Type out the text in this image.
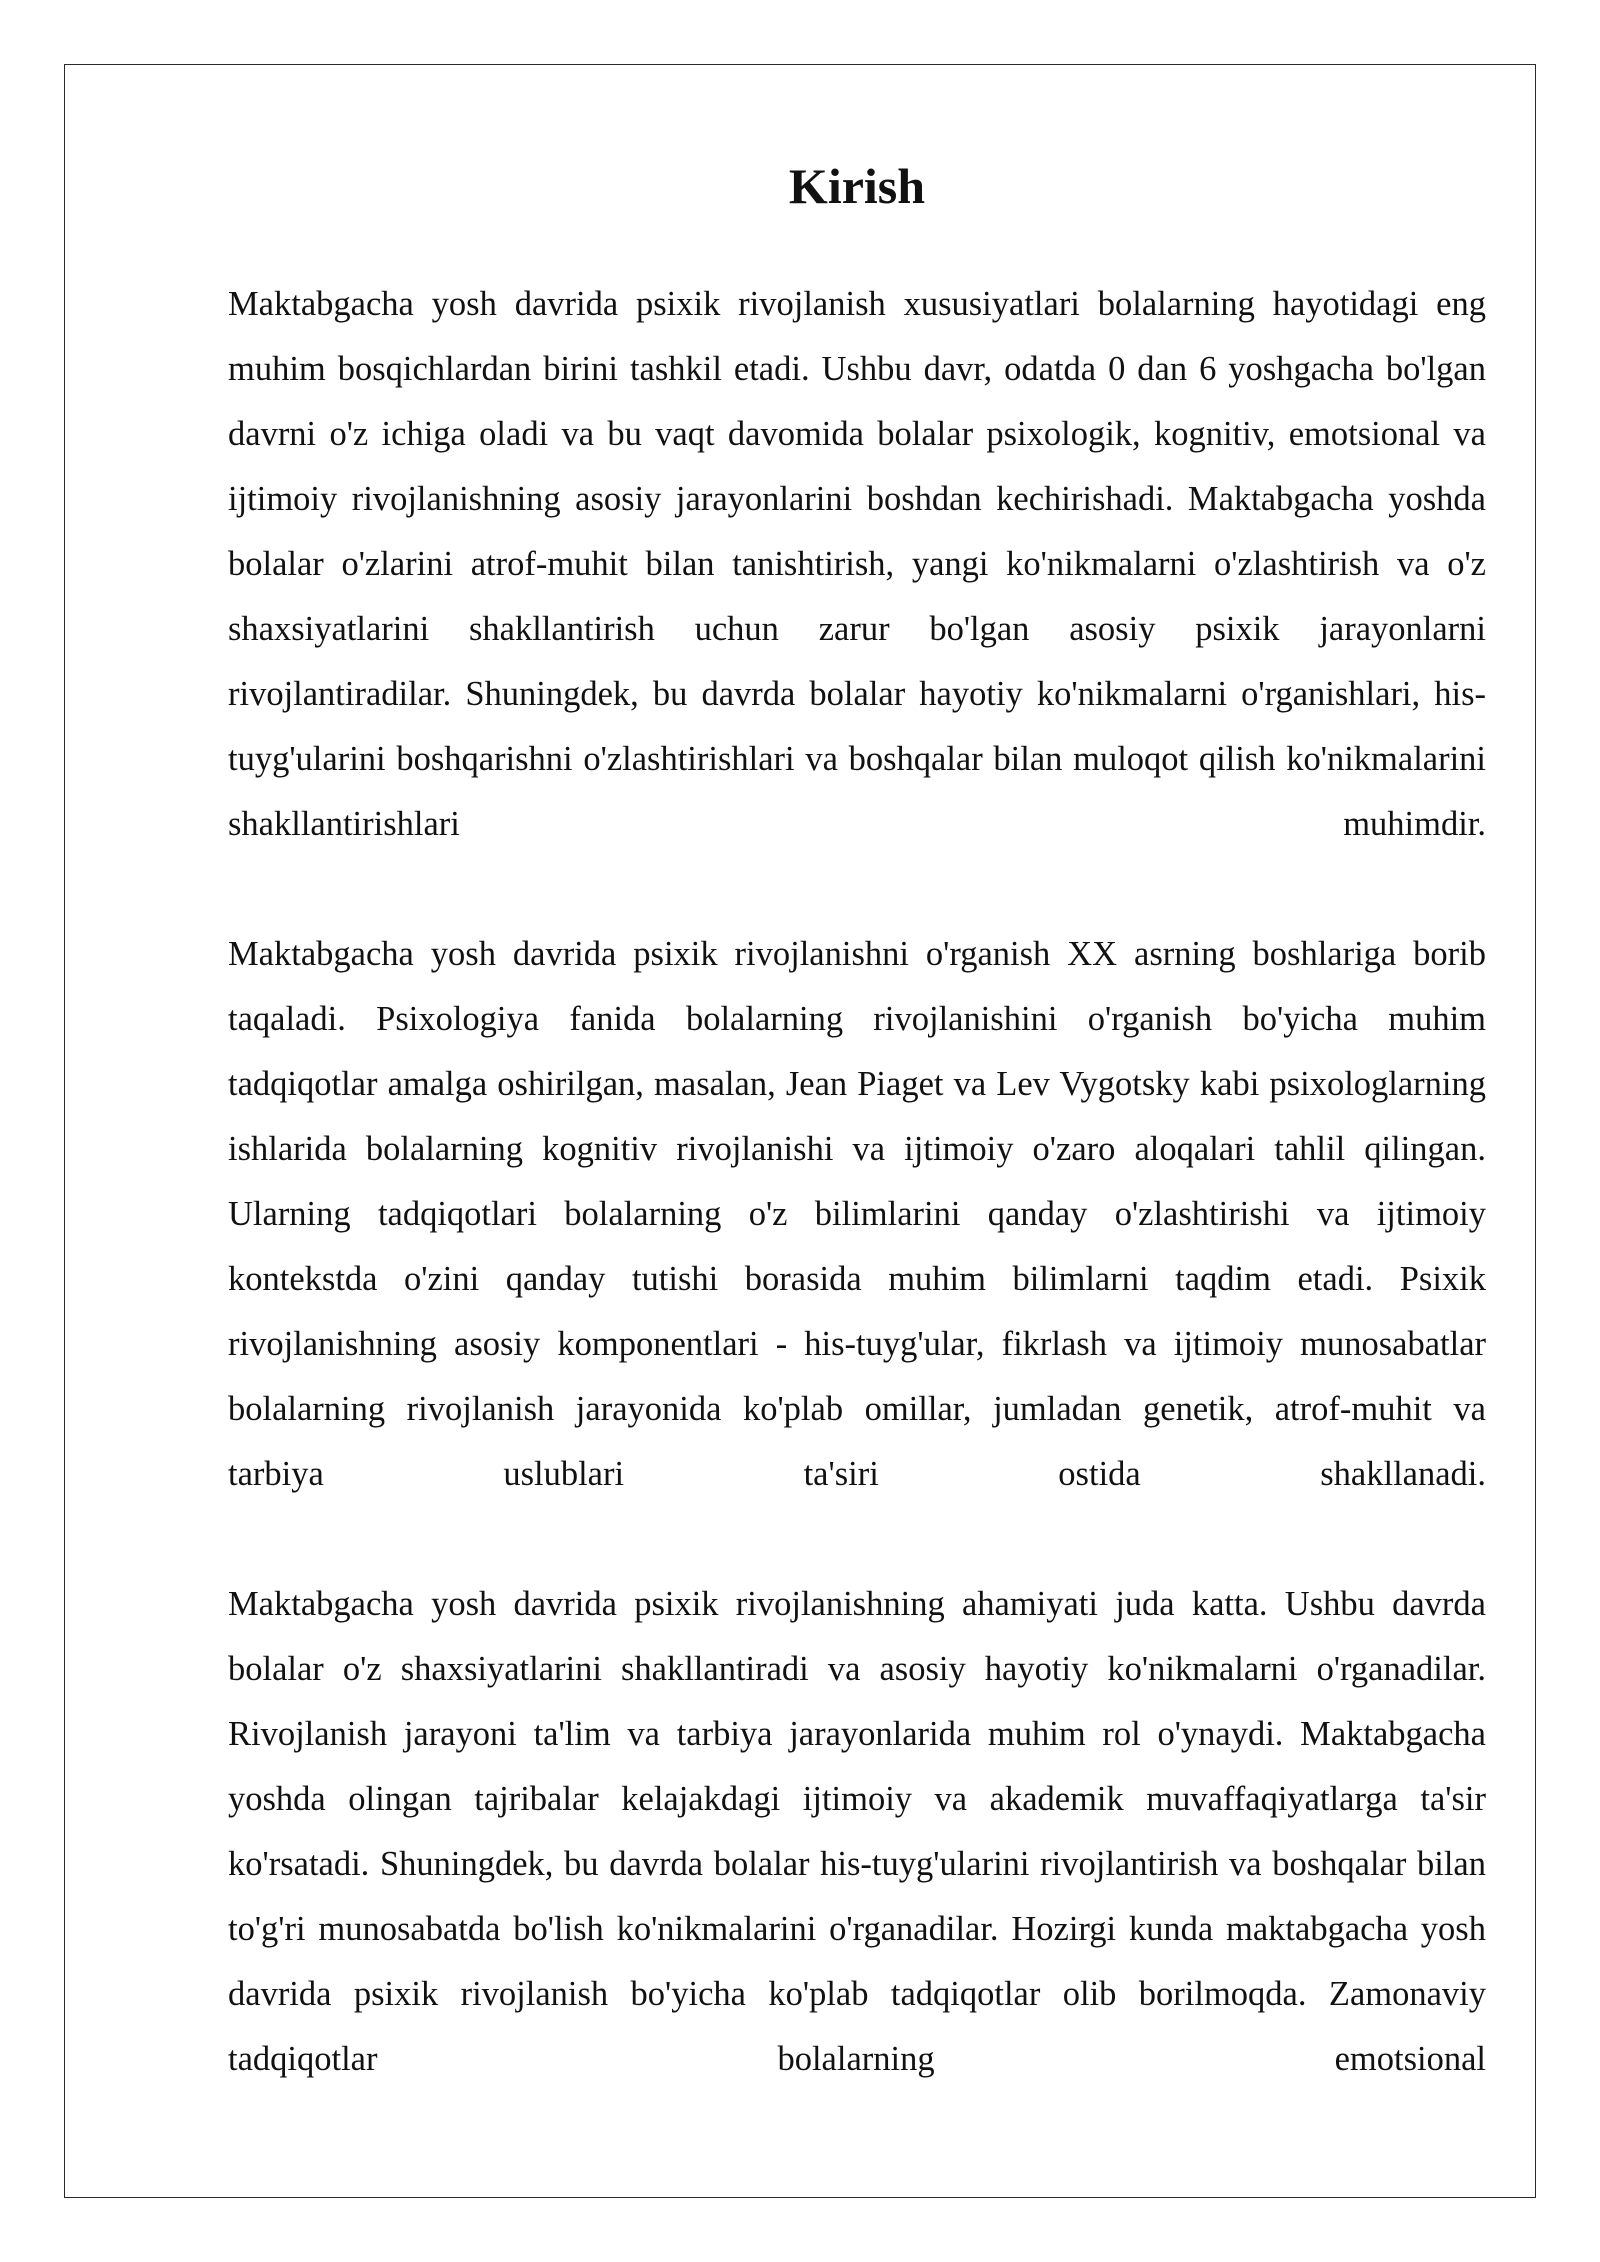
Kirish

Maktabgacha yosh davrida psixik rivojlanish xususiyatlari bolalarning hayotidagi eng muhim bosqichlardan birini tashkil etadi. Ushbu davr, odatda 0 dan 6 yoshgacha bo'lgan davrni o'z ichiga oladi va bu vaqt davomida bolalar psixologik, kognitiv, emotsional va ijtimoiy rivojlanishning asosiy jarayonlarini boshdan kechirishadi. Maktabgacha yoshda bolalar o'zlarini atrof-muhit bilan tanishtirish, yangi ko'nikmalarni o'zlashtirish va o'z shaxsiyatlarini shakllantirish uchun zarur bo'lgan asosiy psixik jarayonlarni rivojlantiradilar. Shuningdek, bu davrda bolalar hayotiy ko'nikmalarni o'rganishlari, his-tuyg'ularini boshqarishni o'zlashtirishlari va boshqalar bilan muloqot qilish ko'nikmalarini shakllantirishlari muhimdir.

Maktabgacha yosh davrida psixik rivojlanishni o'rganish XX asrning boshlariga borib taqaladi. Psixologiya fanida bolalarning rivojlanishini o'rganish bo'yicha muhim tadqiqotlar amalga oshirilgan, masalan, Jean Piaget va Lev Vygotsky kabi psixologlarning ishlarida bolalarning kognitiv rivojlanishi va ijtimoiy o'zaro aloqalari tahlil qilingan. Ularning tadqiqotlari bolalarning o'z bilimlarini qanday o'zlashtirishi va ijtimoiy kontekstda o'zini qanday tutishi borasida muhim bilimlarni taqdim etadi. Psixik rivojlanishning asosiy komponentlari - his-tuyg'ular, fikrlash va ijtimoiy munosabatlar bolalarning rivojlanish jarayonida ko'plab omillar, jumladan genetik, atrof-muhit va tarbiya uslublari ta'siri ostida shakllanadi.

Maktabgacha yosh davrida psixik rivojlanishning ahamiyati juda katta. Ushbu davrda bolalar o'z shaxsiyatlarini shakllantiradi va asosiy hayotiy ko'nikmalarni o'rganadilar. Rivojlanish jarayoni ta'lim va tarbiya jarayonlarida muhim rol o'ynaydi. Maktabgacha yoshda olingan tajribalar kelajakdagi ijtimoiy va akademik muvaffaqiyatlarga ta'sir ko'rsatadi. Shuningdek, bu davrda bolalar his-tuyg'ularini rivojlantirish va boshqalar bilan to'g'ri munosabatda bo'lish ko'nikmalarini o'rganadilar. Hozirgi kunda maktabgacha yosh davrida psixik rivojlanish bo'yicha ko'plab tadqiqotlar olib borilmoqda. Zamonaviy tadqiqotlar bolalarning emotsional
